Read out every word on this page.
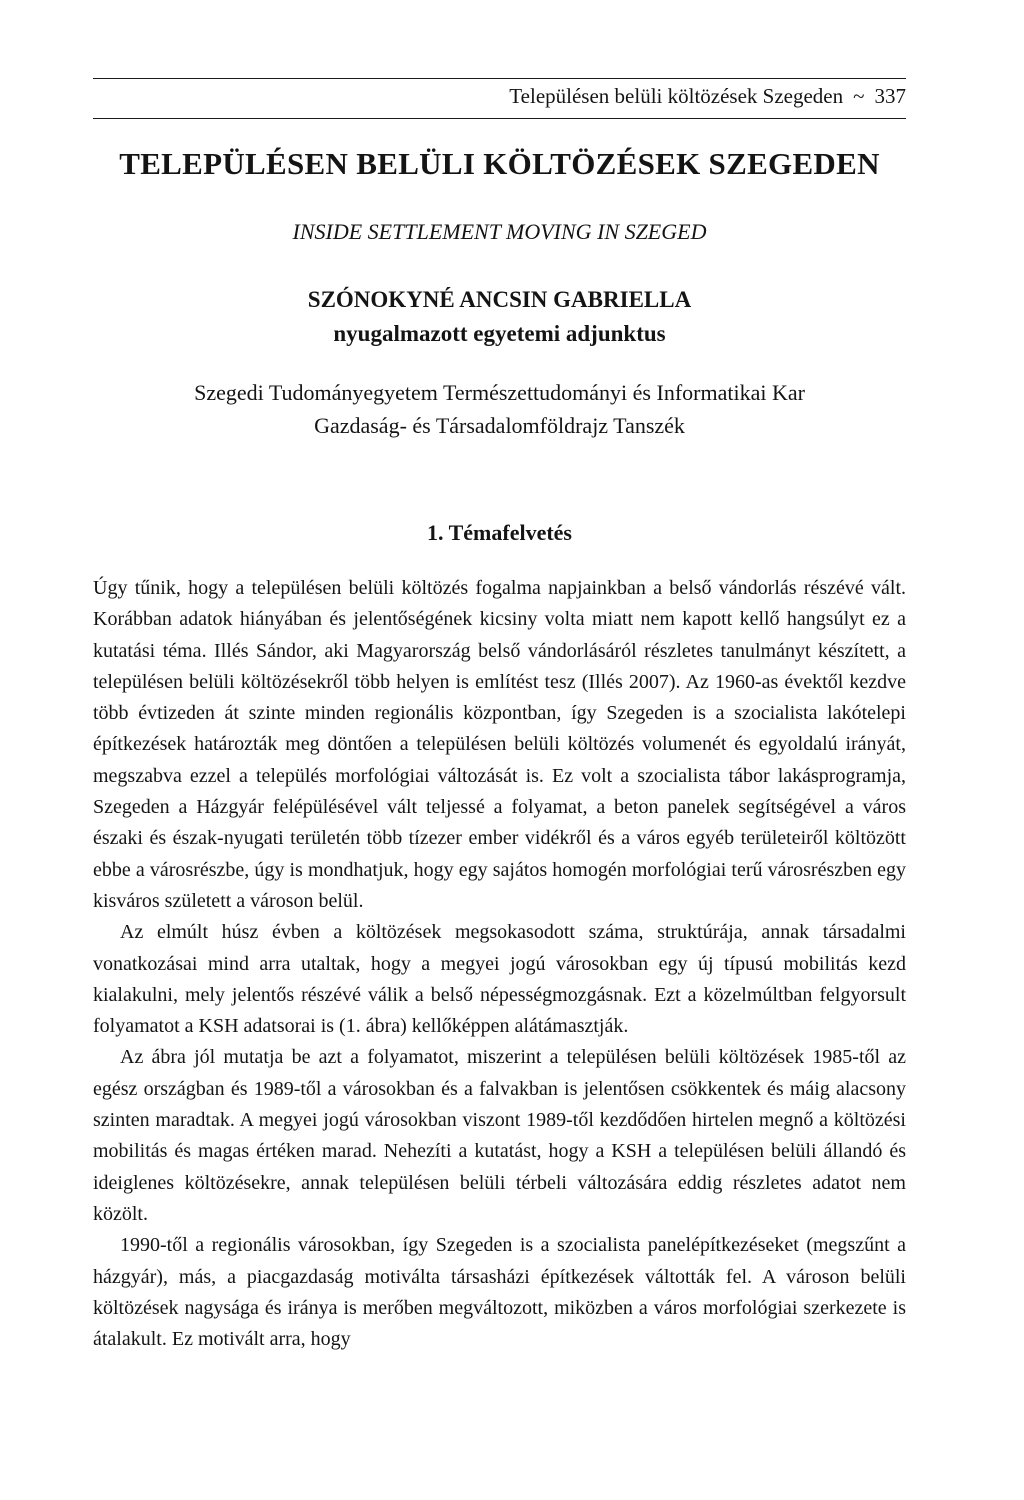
Településen belüli költözések Szegeden ~ 337
TELEPÜLÉSEN BELÜLI KÖLTÖZÉSEK SZEGEDEN
INSIDE SETTLEMENT MOVING IN SZEGED
SZÓNOKYNÉ ANCSIN GABRIELLA
nyugalmazott egyetemi adjunktus
Szegedi Tudományegyetem Természettudományi és Informatikai Kar
Gazdaság- és Társadalomföldrajz Tanszék
1. Témafelvetés

Úgy tűnik, hogy a településen belüli költözés fogalma napjainkban a belső vándorlás részévé vált. Korábban adatok hiányában és jelentőségének kicsiny volta miatt nem kapott kellő hangsúlyt ez a kutatási téma. Illés Sándor, aki Magyarország belső vándorlásáról részletes tanulmányt készített, a településen belüli költözésekről több helyen is említést tesz (Illés 2007). Az 1960-as évektől kezdve több évtizeden át szinte minden regionális központban, így Szegeden is a szocialista lakótelepi építkezések határozták meg döntően a településen belüli költözés volumenét és egyoldalú irányát, megszabva ezzel a település morfológiai változását is. Ez volt a szocialista tábor lakásprogramja, Szegeden a Házgyár felépülésével vált teljessé a folyamat, a beton panelek segítségével a város északi és észak-nyugati területén több tízezer ember vidékről és a város egyéb területeiről költözött ebbe a városrészbe, úgy is mondhatjuk, hogy egy sajátos homogén morfológiai terű városrészben egy kisváros született a városon belül.

Az elmúlt húsz évben a költözések megsokasodott száma, struktúrája, annak társadalmi vonatkozásai mind arra utaltak, hogy a megyei jogú városokban egy új típusú mobilitás kezd kialakulni, mely jelentős részévé válik a belső népességmozgásnak. Ezt a közelmúltban felgyorsult folyamatot a KSH adatsorai is (1. ábra) kellőképpen alátámasztják.

Az ábra jól mutatja be azt a folyamatot, miszerint a településen belüli költözések 1985-től az egész országban és 1989-től a városokban és a falvakban is jelentősen csökkentek és máig alacsony szinten maradtak. A megyei jogú városokban viszont 1989-től kezdődően hirtelen megnő a költözési mobilitás és magas értéken marad. Nehezíti a kutatást, hogy a KSH a településen belüli állandó és ideiglenes költözésekre, annak településen belüli térbeli változására eddig részletes adatot nem közölt.

1990-től a regionális városokban, így Szegeden is a szocialista panelépítkezéseket (megszűnt a házgyár), más, a piacgazdaság motiválta társasházi építkezések váltották fel. A városon belüli költözések nagysága és iránya is merőben megváltozott, miközben a város morfológiai szerkezete is átalakult. Ez motivált arra, hogy
